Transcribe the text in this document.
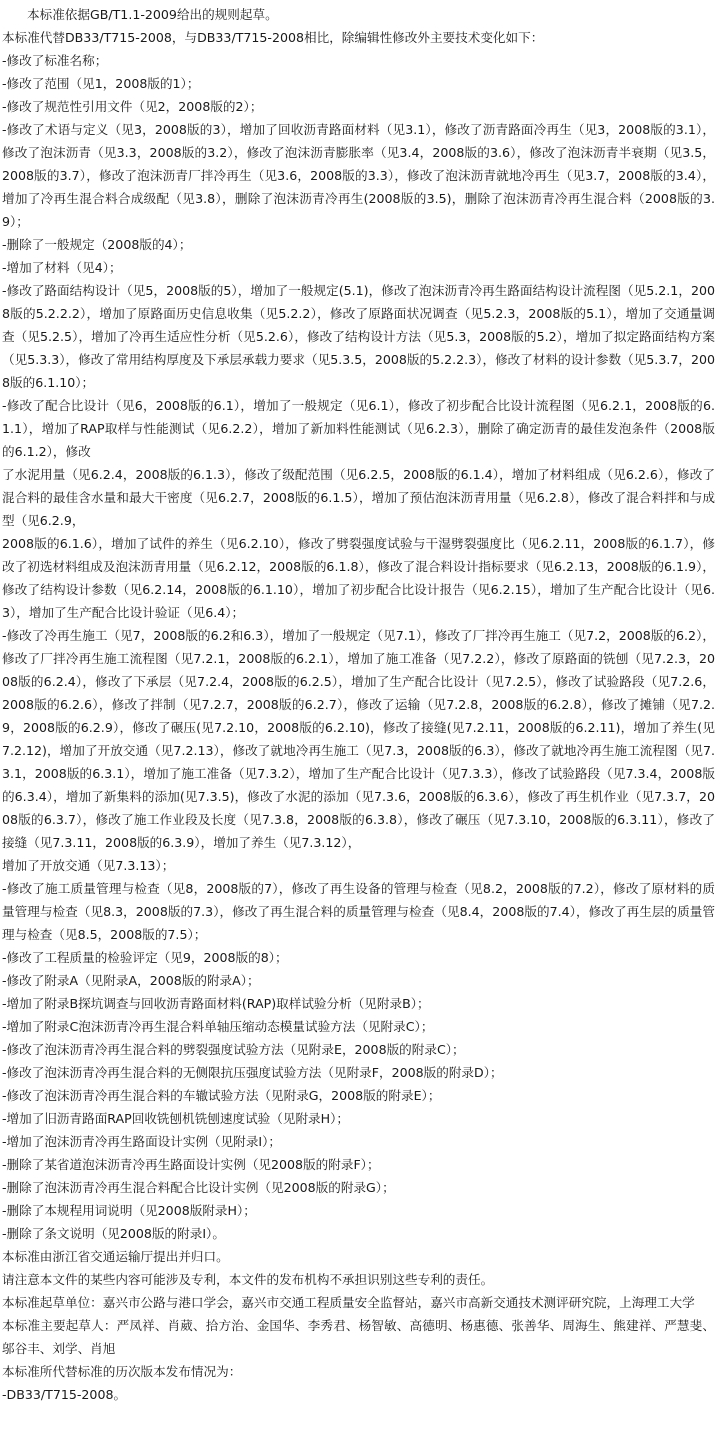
本标准依据GB/T1.1-2009给出的规则起草。

本标准代替DB33/T715-2008，与DB33/T715-2008相比，除编辑性修改外主要技术变化如下：

-修改了标准名称；

-修改了范围（见1，2008版的1）；

-修改了规范性引用文件（见2，2008版的2）；

-修改了术语与定义（见3，2008版的3），增加了回收沥青路面材料（见3.1），修改了沥青路面冷再生（见3，2008版的3.1），修改了泡沫沥青（见3.3，2008版的3.2），修改了泡沫沥青膨胀率（见3.4，2008版的3.6），修改了泡沫沥青半衰期（见3.5，2008版的3.7），修改了泡沫沥青厂拌冷再生（见3.6，2008版的3.3），修改了泡沫沥青就地冷再生（见3.7，2008版的3.4），增加了冷再生混合料合成级配（见3.8），删除了泡沫沥青冷再生(2008版的3.5)，删除了泡沫沥青冷再生混合料（2008版的3.9）；

-删除了一般规定（2008版的4）；

-增加了材料（见4）；

-修改了路面结构设计（见5，2008版的5），增加了一般规定(5.1)，修改了泡沫沥青冷再生路面结构设计流程图（见5.2.1，2008版的5.2.2.2），增加了原路面历史信息收集（见5.2.2），修改了原路面状况调查（见5.2.3，2008版的5.1），增加了交通量调查（见5.2.5），增加了冷再生适应性分析（见5.2.6），修改了结构设计方法（见5.3，2008版的5.2），增加了拟定路面结构方案（见5.3.3），修改了常用结构厚度及下承层承载力要求（见5.3.5，2008版的5.2.2.3），修改了材料的设计参数（见5.3.7，2008版的6.1.10）；

-修改了配合比设计（见6，2008版的6.1），增加了一般规定（见6.1），修改了初步配合比设计流程图（见6.2.1，2008版的6.1.1），增加了RAP取样与性能测试（见6.2.2），增加了新加料性能测试（见6.2.3），删除了确定沥青的最佳发泡条件（2008版的6.1.2），修改

了水泥用量（见6.2.4，2008版的6.1.3），修改了级配范围（见6.2.5，2008版的6.1.4），增加了材料组成（见6.2.6），修改了混合料的最佳含水量和最大干密度（见6.2.7，2008版的6.1.5），增加了预估泡沫沥青用量（见6.2.8），修改了混合料拌和与成型（见6.2.9，

2008版的6.1.6），增加了试件的养生（见6.2.10），修改了劈裂强度试验与干湿劈裂强度比（见6.2.11，2008版的6.1.7），修改了初选材料组成及泡沫沥青用量（见6.2.12，2008版的6.1.8），修改了混合料设计指标要求（见6.2.13，2008版的6.1.9），修改了结构设计参数（见6.2.14，2008版的6.1.10），增加了初步配合比设计报告（见6.2.15），增加了生产配合比设计（见6.3），增加了生产配合比设计验证（见6.4）；

-修改了冷再生施工（见7，2008版的6.2和6.3），增加了一般规定（见7.1），修改了厂拌冷再生施工（见7.2，2008版的6.2），修改了厂拌冷再生施工流程图（见7.2.1，2008版的6.2.1），增加了施工准备（见7.2.2），修改了原路面的铣刨（见7.2.3，2008版的6.2.4），修改了下承层（见7.2.4，2008版的6.2.5），增加了生产配合比设计（见7.2.5），修改了试验路段（见7.2.6，2008版的6.2.6），修改了拌制（见7.2.7，2008版的6.2.7），修改了运输（见7.2.8，2008版的6.2.8），修改了摊铺（见7.2.9，2008版的6.2.9），修改了碾压(见7.2.10，2008版的6.2.10)，修改了接缝(见7.2.11，2008版的6.2.11)，增加了养生(见7.2.12)，增加了开放交通（见7.2.13），修改了就地冷再生施工（见7.3，2008版的6.3），修改了就地冷再生施工流程图（见7.3.1，2008版的6.3.1），增加了施工准备（见7.3.2），增加了生产配合比设计（见7.3.3），修改了试验路段（见7.3.4，2008版的6.3.4），增加了新集料的添加(见7.3.5)，修改了水泥的添加（见7.3.6，2008版的6.3.6），修改了再生机作业（见7.3.7，2008版的6.3.7），修改了施工作业段及长度（见7.3.8，2008版的6.3.8），修改了碾压（见7.3.10，2008版的6.3.11），修改了接缝（见7.3.11，2008版的6.3.9），增加了养生（见7.3.12），

增加了开放交通（见7.3.13）；

-修改了施工质量管理与检查（见8，2008版的7），修改了再生设备的管理与检查（见8.2，2008版的7.2），修改了原材料的质量管理与检查（见8.3，2008版的7.3），修改了再生混合料的质量管理与检查（见8.4，2008版的7.4），修改了再生层的质量管理与检查（见8.5，2008版的7.5）；

-修改了工程质量的检验评定（见9，2008版的8）；

-修改了附录A（见附录A，2008版的附录A）；

-增加了附录B探坑调查与回收沥青路面材料(RAP)取样试验分析（见附录B）；

-增加了附录C泡沫沥青冷再生混合料单轴压缩动态模量试验方法（见附录C）；

-修改了泡沫沥青冷再生混合料的劈裂强度试验方法（见附录E，2008版的附录C）；

-修改了泡沫沥青冷再生混合料的无侧限抗压强度试验方法（见附录F，2008版的附录D）；

-修改了泡沫沥青冷再生混合料的车辙试验方法（见附录G，2008版的附录E）；

-增加了旧沥青路面RAP回收铣刨机铣刨速度试验（见附录H）；

-增加了泡沫沥青冷再生路面设计实例（见附录I）；

-删除了某省道泡沫沥青冷再生路面设计实例（见2008版的附录F）；

-删除了泡沫沥青冷再生混合料配合比设计实例（见2008版的附录G）；

-删除了本规程用词说明（见2008版附录H）；

-删除了条文说明（见2008版的附录I）。

本标准由浙江省交通运输厅提出并归口。

请注意本文件的某些内容可能涉及专利，本文件的发布机构不承担识别这些专利的责任。

本标准起草单位：嘉兴市公路与港口学会，嘉兴市交通工程质量安全监督站，嘉兴市高新交通技术测评研究院，上海理工大学

本标准主要起草人：严凤祥、肖葳、拾方治、金国华、李秀君、杨智敏、高德明、杨惠德、张善华、周海生、熊建祥、严慧斐、邬谷丰、刘学、肖旭

本标准所代替标准的历次版本发布情况为：

-DB33/T715-2008。
